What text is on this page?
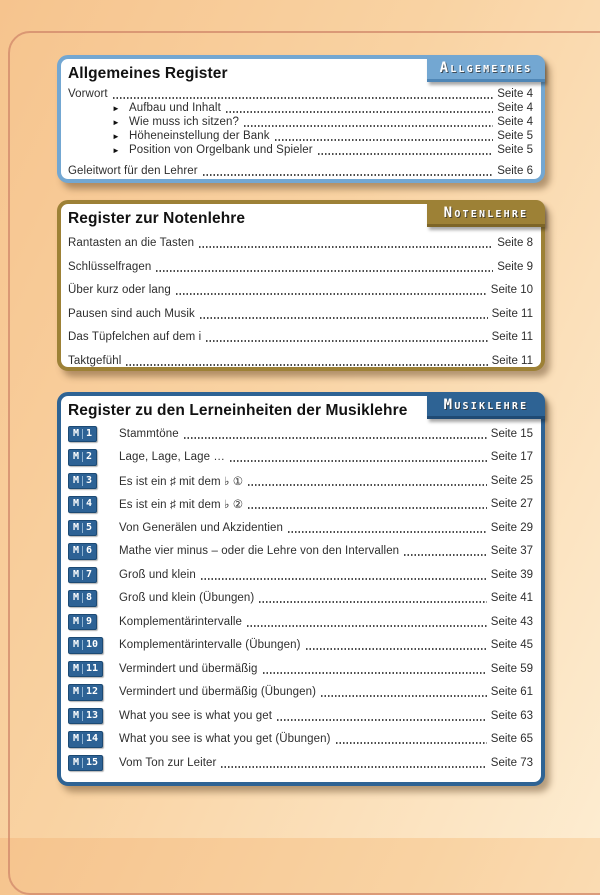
Allgemeines Register	ALLGEMEINES
Vorwort	Seite 4
► Aufbau und Inhalt	Seite 4
► Wie muss ich sitzen?	Seite 4
► Höheneinstellung der Bank	Seite 5
► Position von Orgelbank und Spieler	Seite 5
Geleitwort für den Lehrer	Seite 6
Register zur Notenlehre	NOTENLEHRE
Rantasten an die Tasten	Seite 8
Schlüsselfragen	Seite 9
Über kurz oder lang	Seite 10
Pausen sind auch Musik	Seite 11
Das Tüpfelchen auf dem i	Seite 11
Taktgefühl	Seite 11
Register zu den Lerneinheiten der Musiklehre	MUSIKLEHRE
M 1 Stammtöne	Seite 15
M 2 Lage, Lage, Lage …	Seite 17
M 3 Es ist ein ♯ mit dem ♭ ①	Seite 25
M 4 Es ist ein ♯ mit dem ♭ ②	Seite 27
M 5 Von Generälen und Akzidentien	Seite 29
M 6 Mathe vier minus – oder die Lehre von den Intervallen	Seite 37
M 7 Groß und klein	Seite 39
M 8 Groß und klein (Übungen)	Seite 41
M 9 Komplementärintervalle	Seite 43
M 10 Komplementärintervalle (Übungen)	Seite 45
M 11 Vermindert und übermäßig	Seite 59
M 12 Vermindert und übermäßig (Übungen)	Seite 61
M 13 What you see is what you get	Seite 63
M 14 What you see is what you get (Übungen)	Seite 65
M 15 Vom Ton zur Leiter	Seite 73
